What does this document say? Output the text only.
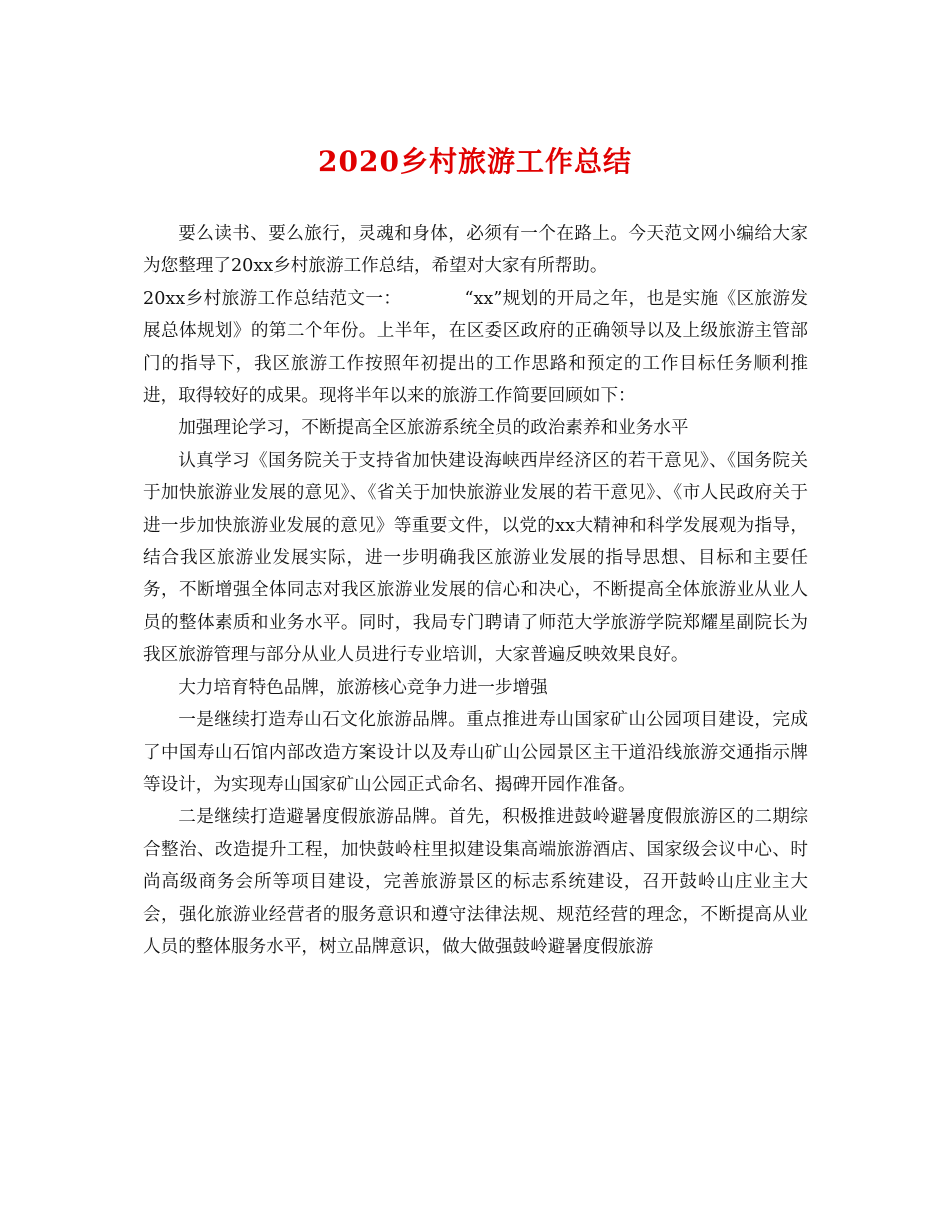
2020乡村旅游工作总结

要么读书、要么旅行，灵魂和身体，必须有一个在路上。今天范文网小编给大家为您整理了20xx乡村旅游工作总结，希望对大家有所帮助。

20xx乡村旅游工作总结范文一：　　　　“xx”规划的开局之年，也是实施《区旅游发展总体规划》的第二个年份。上半年，在区委区政府的正确领导以及上级旅游主管部门的指导下，我区旅游工作按照年初提出的工作思路和预定的工作目标任务顺利推进，取得较好的成果。现将半年以来的旅游工作简要回顾如下：

加强理论学习，不断提高全区旅游系统全员的政治素养和业务水平

认真学习《国务院关于支持省加快建设海峡西岸经济区的若干意见》、《国务院关于加快旅游业发展的意见》、《省关于加快旅游业发展的若干意见》、《市人民政府关于进一步加快旅游业发展的意见》等重要文件，以党的xx大精神和科学发展观为指导，结合我区旅游业发展实际，进一步明确我区旅游业发展的指导思想、目标和主要任务，不断增强全体同志对我区旅游业发展的信心和决心，不断提高全体旅游业从业人员的整体素质和业务水平。同时，我局专门聘请了师范大学旅游学院郑耀星副院长为我区旅游管理与部分从业人员进行专业培训，大家普遍反映效果良好。

大力培育特色品牌，旅游核心竞争力进一步增强

一是继续打造寿山石文化旅游品牌。重点推进寿山国家矿山公园项目建设，完成了中国寿山石馆内部改造方案设计以及寿山矿山公园景区主干道沿线旅游交通指示牌等设计，为实现寿山国家矿山公园正式命名、揭碑开园作准备。

二是继续打造避暑度假旅游品牌。首先，积极推进鼓岭避暑度假旅游区的二期综合整治、改造提升工程，加快鼓岭柱里拟建设集高端旅游酒店、国家级会议中心、时尚高级商务会所等项目建设，完善旅游景区的标志系统建设，召开鼓岭山庄业主大会，强化旅游业经营者的服务意识和遵守法律法规、规范经营的理念，不断提高从业人员的整体服务水平，树立品牌意识，做大做强鼓岭避暑度假旅游
